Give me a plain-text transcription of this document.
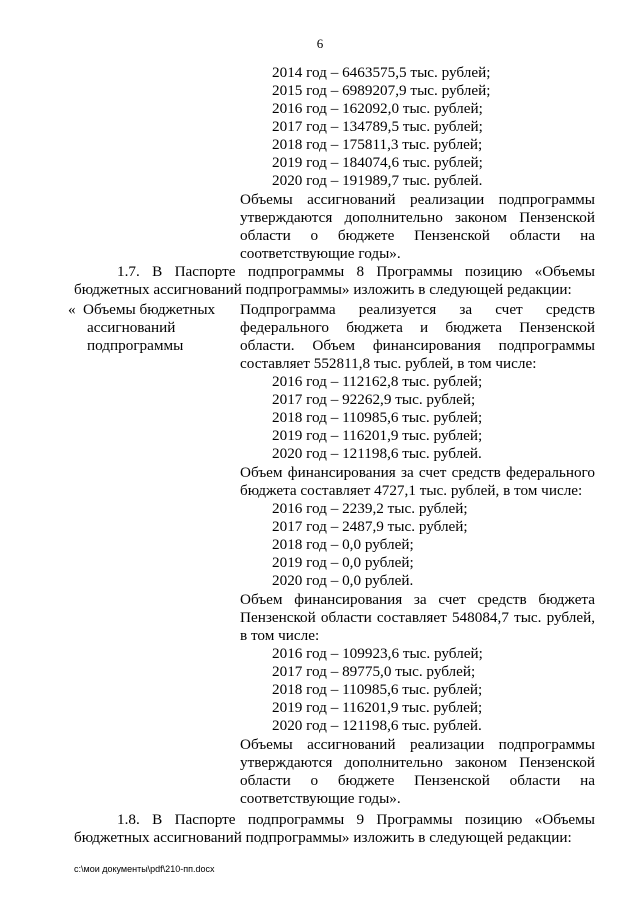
6
2014 год – 6463575,5 тыс. рублей;
2015 год – 6989207,9 тыс. рублей;
2016 год – 162092,0 тыс. рублей;
2017 год – 134789,5 тыс. рублей;
2018 год – 175811,3 тыс. рублей;
2019 год – 184074,6 тыс. рублей;
2020 год – 191989,7 тыс. рублей.
Объемы ассигнований реализации подпрограммы
утверждаются дополнительно законом Пензенской
области о бюджете Пензенской области на
соответствующие годы».
1.7. В Паспорте подпрограммы 8 Программы позицию «Объемы
бюджетных ассигнований подпрограммы» изложить в следующей редакции:
« Объемы бюджетных
ассигнований
подпрограммы
Подпрограмма реализуется за счет средств
федерального бюджета и бюджета Пензенской
области. Объем финансирования подпрограммы
составляет 552811,8 тыс. рублей, в том числе:
2016 год – 112162,8 тыс. рублей;
2017 год – 92262,9 тыс. рублей;
2018 год – 110985,6 тыс. рублей;
2019 год – 116201,9 тыс. рублей;
2020 год – 121198,6 тыс. рублей.
Объем финансирования за счет средств федерального
бюджета составляет 4727,1 тыс. рублей, в том числе:
2016 год – 2239,2 тыс. рублей;
2017 год – 2487,9 тыс. рублей;
2018 год – 0,0 рублей;
2019 год – 0,0 рублей;
2020 год – 0,0 рублей.
Объем финансирования за счет средств бюджета
Пензенской области составляет 548084,7 тыс. рублей,
в том числе:
2016 год – 109923,6 тыс. рублей;
2017 год – 89775,0 тыс. рублей;
2018 год – 110985,6 тыс. рублей;
2019 год – 116201,9 тыс. рублей;
2020 год – 121198,6 тыс. рублей.
Объемы ассигнований реализации подпрограммы
утверждаются дополнительно законом Пензенской
области о бюджете Пензенской области на
соответствующие годы».
1.8. В Паспорте подпрограммы 9 Программы позицию «Объемы
бюджетных ассигнований подпрограммы» изложить в следующей редакции:
c:\мои документы\pdf\210-пп.docx
